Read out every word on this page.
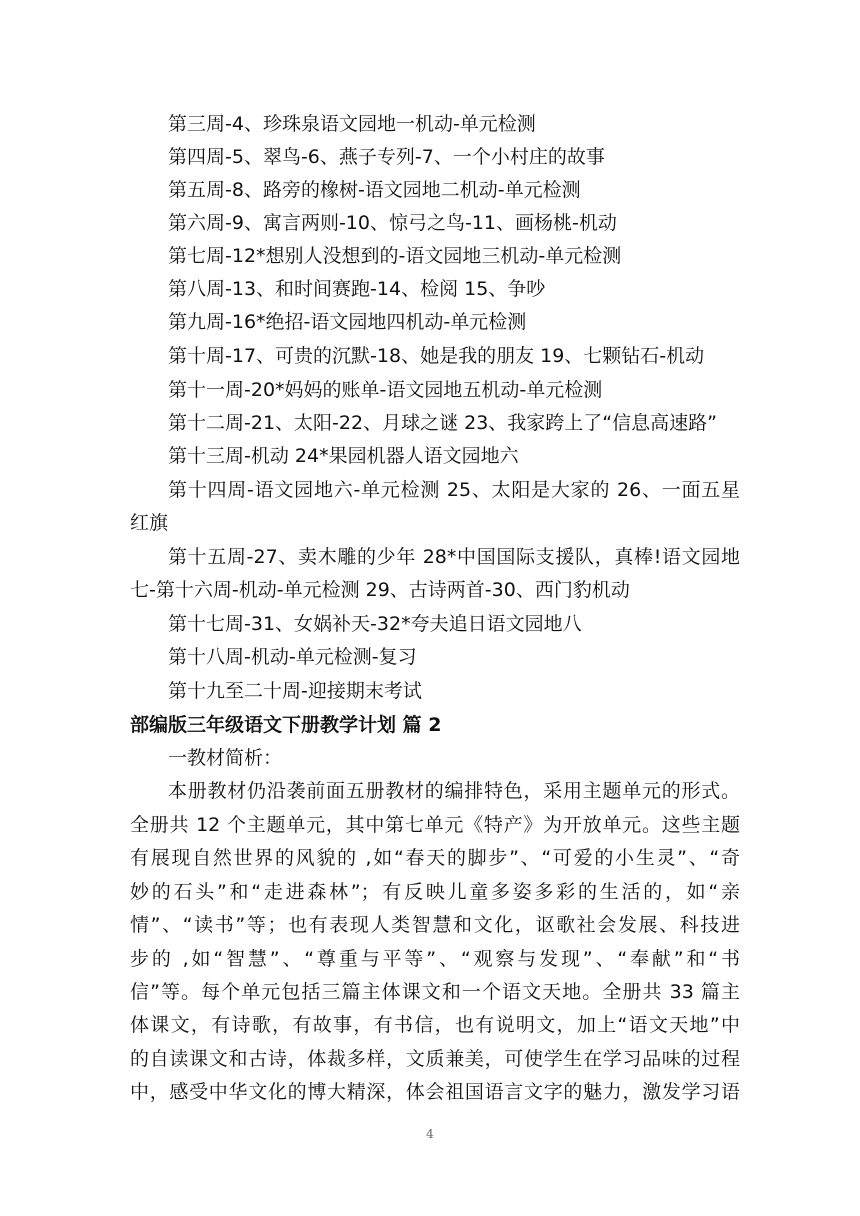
第三周-4、珍珠泉语文园地一机动-单元检测
第四周-5、翠鸟-6、燕子专列-7、一个小村庄的故事
第五周-8、路旁的橡树-语文园地二机动-单元检测
第六周-9、寓言两则-10、惊弓之鸟-11、画杨桃-机动
第七周-12*想别人没想到的-语文园地三机动-单元检测
第八周-13、和时间赛跑-14、检阅 15、争吵
第九周-16*绝招-语文园地四机动-单元检测
第十周-17、可贵的沉默-18、她是我的朋友 19、七颗钻石-机动
第十一周-20*妈妈的账单-语文园地五机动-单元检测
第十二周-21、太阳-22、月球之谜 23、我家跨上了“信息高速路”
第十三周-机动 24*果园机器人语文园地六
第十四周-语文园地六-单元检测 25、太阳是大家的 26、一面五星
红旗
第十五周-27、卖木雕的少年 28*中国国际支援队，真棒!语文园地
七-第十六周-机动-单元检测 29、古诗两首-30、西门豹机动
第十七周-31、女娲补天-32*夸夫追日语文园地八
第十八周-机动-单元检测-复习
第十九至二十周-迎接期末考试
部编版三年级语文下册教学计划 篇 2
一教材简析：
本册教材仍沿袭前面五册教材的编排特色，采用主题单元的形式。
全册共 12 个主题单元，其中第七单元《特产》为开放单元。这些主题
有展现自然世界的风貌的 ,如“春天的脚步”、“可爱的小生灵”、“奇
妙的石头”和“走进森林”；有反映儿童多姿多彩的生活的，如“亲
情”、“读书”等；也有表现人类智慧和文化，讴歌社会发展、科技进
步的 ,如“智慧”、“尊重与平等”、“观察与发现”、“奉献”和“书
信”等。每个单元包括三篇主体课文和一个语文天地。全册共 33 篇主
体课文，有诗歌，有故事，有书信，也有说明文，加上“语文天地”中
的自读课文和古诗，体裁多样，文质兼美，可使学生在学习品味的过程
中，感受中华文化的博大精深，体会祖国语言文字的魅力，激发学习语
4
